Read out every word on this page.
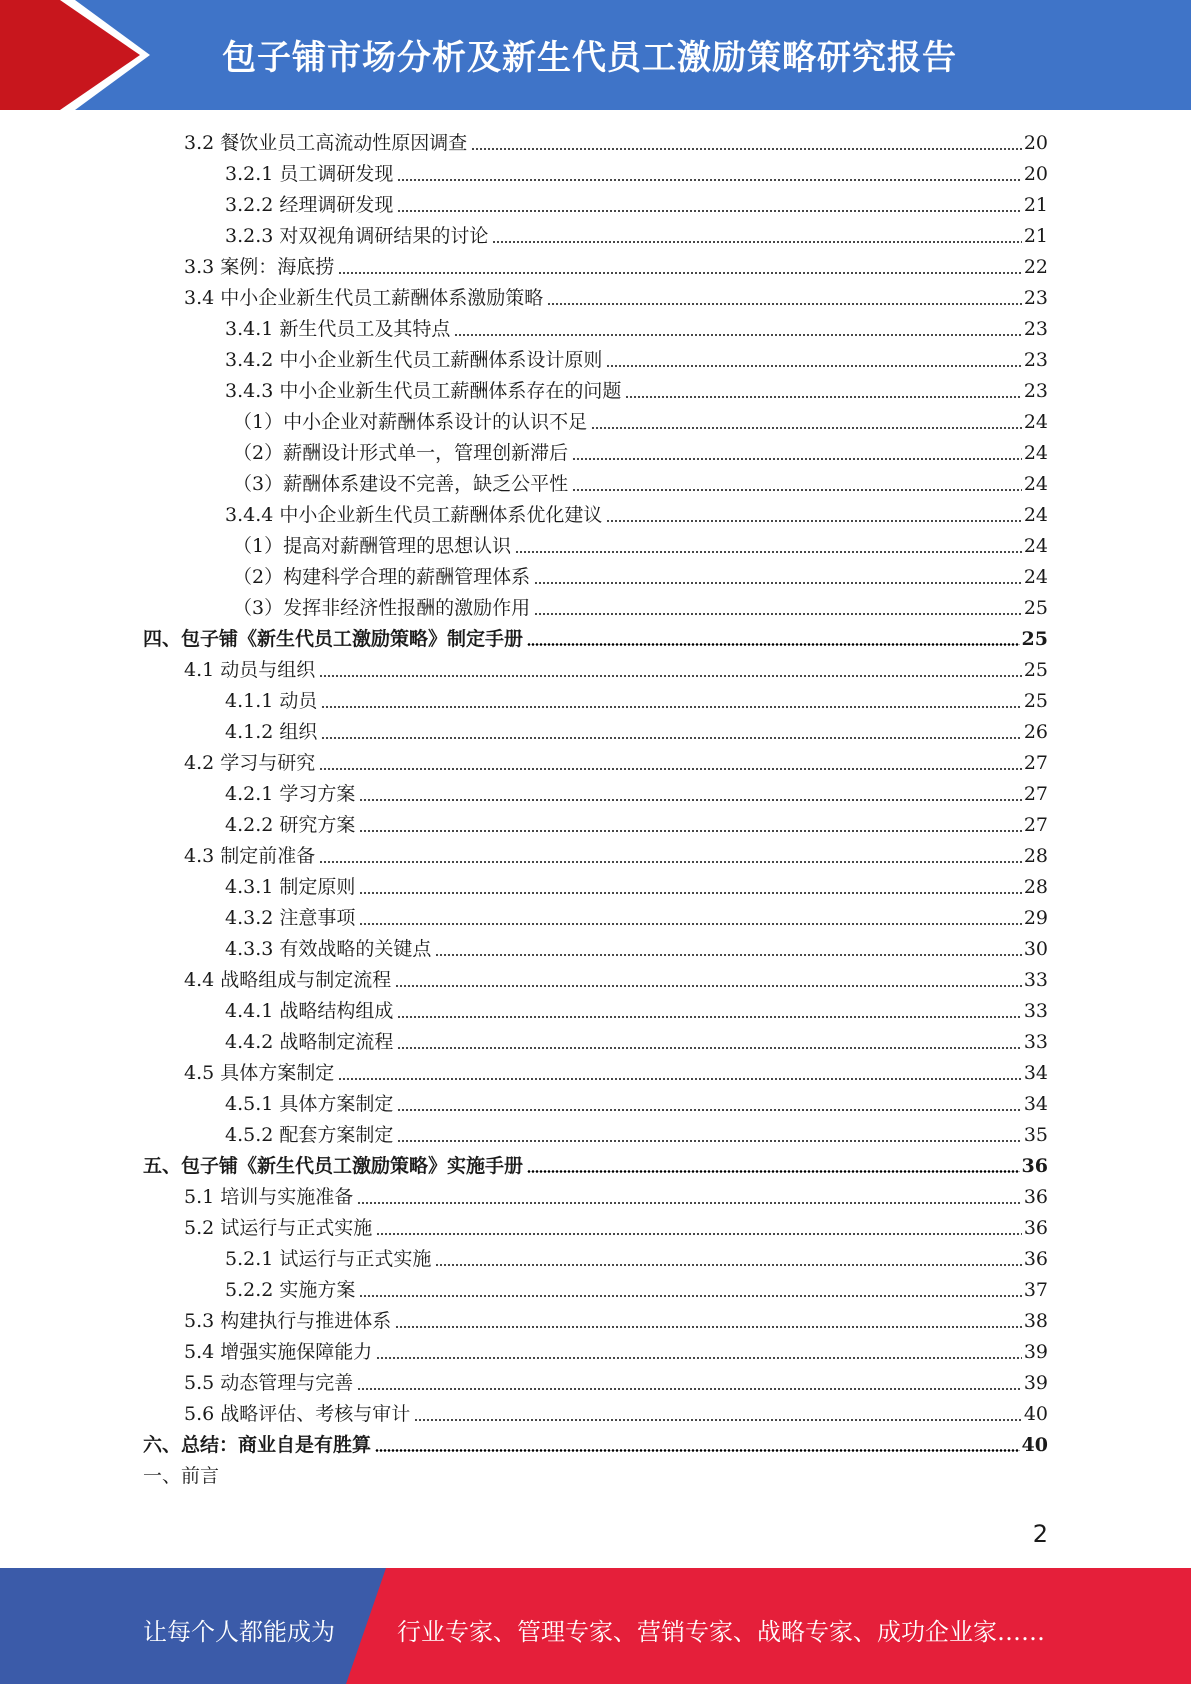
包子铺市场分析及新生代员工激励策略研究报告
3.2 餐饮业员工高流动性原因调查	20
3.2.1 员工调研发现	20
3.2.2 经理调研发现	21
3.2.3 对双视角调研结果的讨论	21
3.3 案例：海底捞	22
3.4 中小企业新生代员工薪酬体系激励策略	23
3.4.1 新生代员工及其特点	23
3.4.2 中小企业新生代员工薪酬体系设计原则	23
3.4.3 中小企业新生代员工薪酬体系存在的问题	23
（1）中小企业对薪酬体系设计的认识不足	24
（2）薪酬设计形式单一，管理创新滞后	24
（3）薪酬体系建设不完善，缺乏公平性	24
3.4.4 中小企业新生代员工薪酬体系优化建议	24
（1）提高对薪酬管理的思想认识	24
（2）构建科学合理的薪酬管理体系	24
（3）发挥非经济性报酬的激励作用	25
四、包子铺《新生代员工激励策略》制定手册	25
4.1 动员与组织	25
4.1.1 动员	25
4.1.2 组织	26
4.2 学习与研究	27
4.2.1 学习方案	27
4.2.2 研究方案	27
4.3 制定前准备	28
4.3.1 制定原则	28
4.3.2 注意事项	29
4.3.3 有效战略的关键点	30
4.4 战略组成与制定流程	33
4.4.1 战略结构组成	33
4.4.2 战略制定流程	33
4.5 具体方案制定	34
4.5.1 具体方案制定	34
4.5.2 配套方案制定	35
五、包子铺《新生代员工激励策略》实施手册	36
5.1 培训与实施准备	36
5.2 试运行与正式实施	36
5.2.1 试运行与正式实施	36
5.2.2 实施方案	37
5.3 构建执行与推进体系	38
5.4 增强实施保障能力	39
5.5 动态管理与完善	39
5.6 战略评估、考核与审计	40
六、总结：商业自是有胜算	40
一、前言
2
让每个人都能成为	行业专家、管理专家、营销专家、战略专家、成功企业家……
